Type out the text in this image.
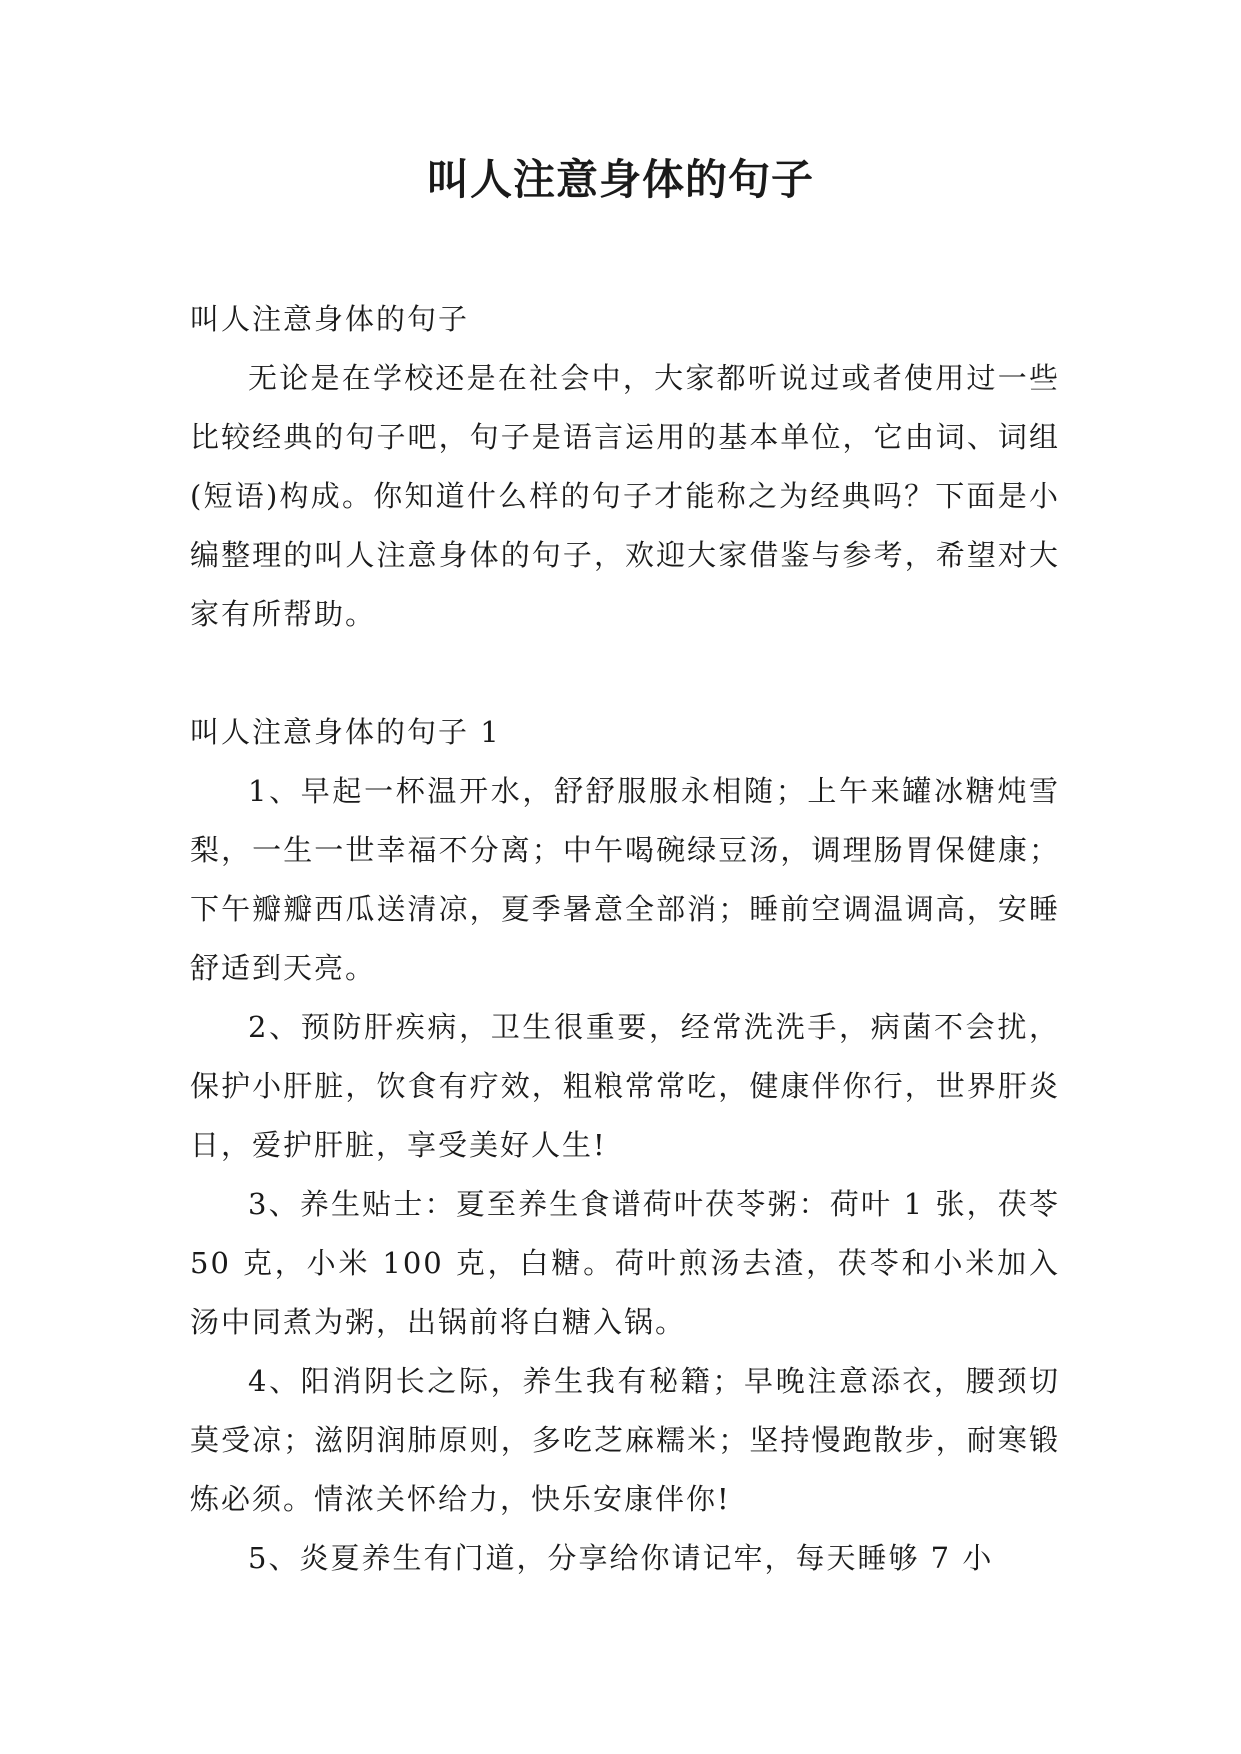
叫人注意身体的句子

叫人注意身体的句子

无论是在学校还是在社会中，大家都听说过或者使用过一些比较经典的句子吧，句子是语言运用的基本单位，它由词、词组(短语)构成。你知道什么样的句子才能称之为经典吗？下面是小编整理的叫人注意身体的句子，欢迎大家借鉴与参考，希望对大家有所帮助。

叫人注意身体的句子 1

1、早起一杯温开水，舒舒服服永相随；上午来罐冰糖炖雪梨，一生一世幸福不分离；中午喝碗绿豆汤，调理肠胃保健康；下午瓣瓣西瓜送清凉，夏季暑意全部消；睡前空调温调高，安睡舒适到天亮。

2、预防肝疾病，卫生很重要，经常洗洗手，病菌不会扰，保护小肝脏，饮食有疗效，粗粮常常吃，健康伴你行，世界肝炎日，爱护肝脏，享受美好人生!

3、养生贴士：夏至养生食谱荷叶茯苓粥：荷叶 1 张，茯苓 50 克，小米 100 克，白糖。荷叶煎汤去渣，茯苓和小米加入汤中同煮为粥，出锅前将白糖入锅。

4、阳消阴长之际，养生我有秘籍；早晚注意添衣，腰颈切莫受凉；滋阴润肺原则，多吃芝麻糯米；坚持慢跑散步，耐寒锻炼必须。情浓关怀给力，快乐安康伴你!

5、炎夏养生有门道，分享给你请记牢，每天睡够 7 小
